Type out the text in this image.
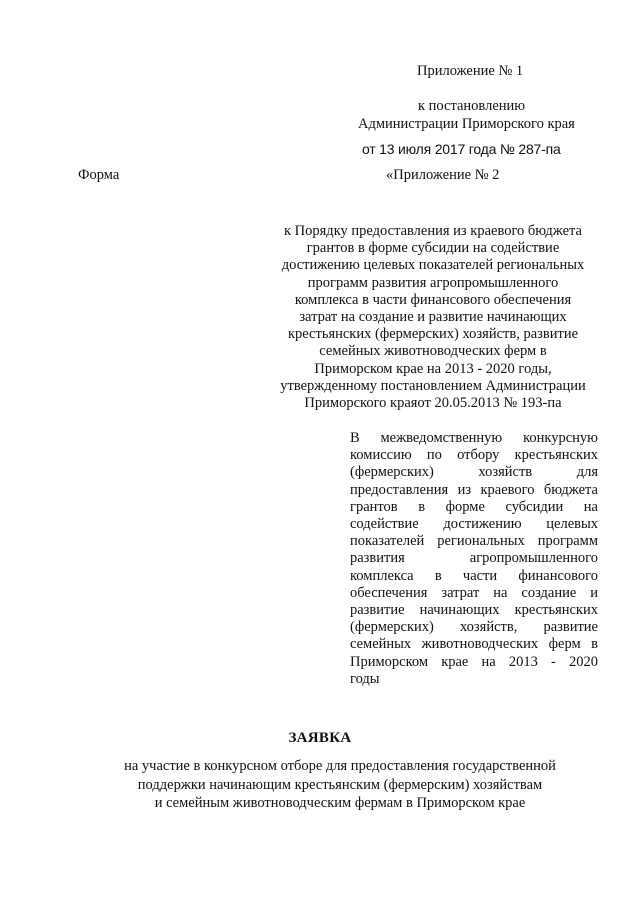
Приложение № 1
к постановлению
Администрации Приморского края
от 13 июля 2017 года № 287-па
Форма	«Приложение № 2
к Порядку предоставления из краевого бюджета
грантов в форме субсидии на содействие
достижению целевых показателей региональных
программ развития агропромышленного
комплекса в части финансового обеспечения
затрат на создание и развитие начинающих
крестьянских (фермерских) хозяйств, развитие
семейных животноводческих ферм в
Приморском крае на 2013 - 2020 годы,
утвержденному постановлением Администрации
Приморского краяот 20.05.2013 № 193-па
В межведомственную конкурсную
комиссию по отбору крестьянских
(фермерских) хозяйств для
предоставления из краевого бюджета
грантов в форме субсидии на
содействие достижению целевых
показателей региональных программ
развития агропромышленного
комплекса в части финансового
обеспечения затрат на создание и
развитие начинающих крестьянских
(фермерских) хозяйств, развитие
семейных животноводческих ферм в
Приморском крае на 2013 - 2020
годы
ЗАЯВКА
на участие в конкурсном отборе для предоставления государственной
поддержки начинающим крестьянским (фермерским) хозяйствам
и семейным животноводческим фермам в Приморском крае
